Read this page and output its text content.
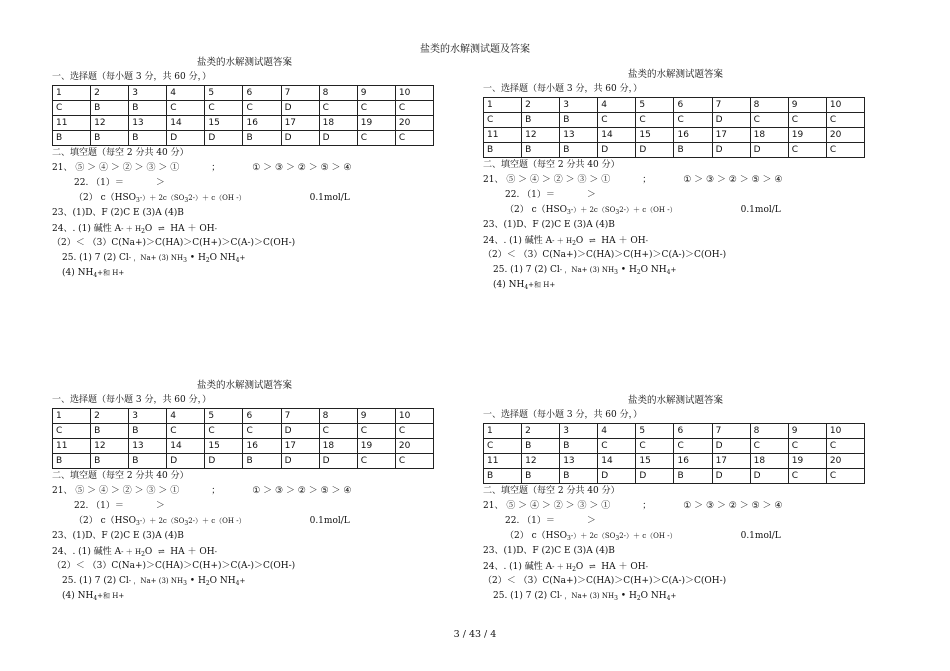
盐类的水解测试题及答案
盐类的水解测试题答案
一、选择题（每小题 3 分，共 60 分，）
1	2	3	4	5	6	7	8	9	10
C	B	B	C	C	C	D	C	C	C
11	12	13	14	15	16	17	18	19	20
B	B	B	D	D	B	D	D	C	C
二、填空题（每空 2 分共 40 分）
21、 ⑤ ＞ ④ ＞ ② ＞ ③ ＞ ①	；	① ＞ ③ ＞ ② ＞ ⑤ ＞ ④
22. （1）＝	＞
（2） $c(HSO_3-)+ 2c(SO_32-)+ c(OH$ -）	0.1mol/L
23、(1)D、F (2)C E (3)A (4)B
24、. (1) 碱性 $A- + H_2O$ ⇌ HA ＋ OH-
（2）＜ （3）C(Na+)＞C(HA)＞C(H+)＞C(A-)＞C(OH-)
25. (1) 7 (2) Cl- ，Na+ (3) $NH_3$ • $H_2O$ $NH_4+$
(4) $NH_4+$和 H+
盐类的水解测试题答案
一、选择题（每小题 3 分，共 60 分，）
1	2	3	4	5	6	7	8	9	10
C	B	B	C	C	C	D	C	C	C
11	12	13	14	15	16	17	18	19	20
B	B	B	D	D	B	D	D	C	C
二、填空题（每空 2 分共 40 分）
21、 ⑤ ＞ ④ ＞ ② ＞ ③ ＞ ①	；	① ＞ ③ ＞ ② ＞ ⑤ ＞ ④
22. （1）＝	＞
（2） $c(HSO_3-)+ 2c(SO_32-)+ c(OH$ -）	0.1mol/L
23、(1)D、F (2)C E (3)A (4)B
24、. (1) 碱性 $A- + H_2O$ ⇌ HA ＋ OH-
（2）＜ （3）C(Na+)＞C(HA)＞C(H+)＞C(A-)＞C(OH-)
25. (1) 7 (2) Cl- ，Na+ (3) $NH_3$ • $H_2O$ $NH_4+$
(4) $NH_4+$和 H+
盐类的水解测试题答案
一、选择题（每小题 3 分，共 60 分，）
1	2	3	4	5	6	7	8	9	10
C	B	B	C	C	C	D	C	C	C
11	12	13	14	15	16	17	18	19	20
B	B	B	D	D	B	D	D	C	C
二、填空题（每空 2 分共 40 分）
21、 ⑤ ＞ ④ ＞ ② ＞ ③ ＞ ①	；	① ＞ ③ ＞ ② ＞ ⑤ ＞ ④
22. （1）＝	＞
（2） $c(HSO_3-)+ 2c(SO_32-)+ c(OH$ -）	0.1mol/L
23、(1)D、F (2)C E (3)A (4)B
24、. (1) 碱性 $A- + H_2O$ ⇌ HA ＋ OH-
（2）＜ （3）C(Na+)＞C(HA)＞C(H+)＞C(A-)＞C(OH-)
25. (1) 7 (2) Cl- ，Na+ (3) $NH_3$ • $H_2O$ $NH_4+$
(4) $NH_4+$和 H+
盐类的水解测试题答案
一、选择题（每小题 3 分，共 60 分，）
1	2	3	4	5	6	7	8	9	10
C	B	B	C	C	C	D	C	C	C
11	12	13	14	15	16	17	18	19	20
B	B	B	D	D	B	D	D	C	C
二、填空题（每空 2 分共 40 分）
21、 ⑤ ＞ ④ ＞ ② ＞ ③ ＞ ①	；	① ＞ ③ ＞ ② ＞ ⑤ ＞ ④
22. （1）＝	＞
（2） $c(HSO_3-)+ 2c(SO_32-)+ c(OH$ -）	0.1mol/L
23、(1)D、F (2)C E (3)A (4)B
24、. (1) 碱性 $A- + H_2O$ ⇌ HA ＋ OH-
（2）＜ （3）C(Na+)＞C(HA)＞C(H+)＞C(A-)＞C(OH-)
25. (1) 7 (2) Cl- ，Na+ (3) $NH_3$ • $H_2O$ $NH_4+$
3 / 43 / 4
